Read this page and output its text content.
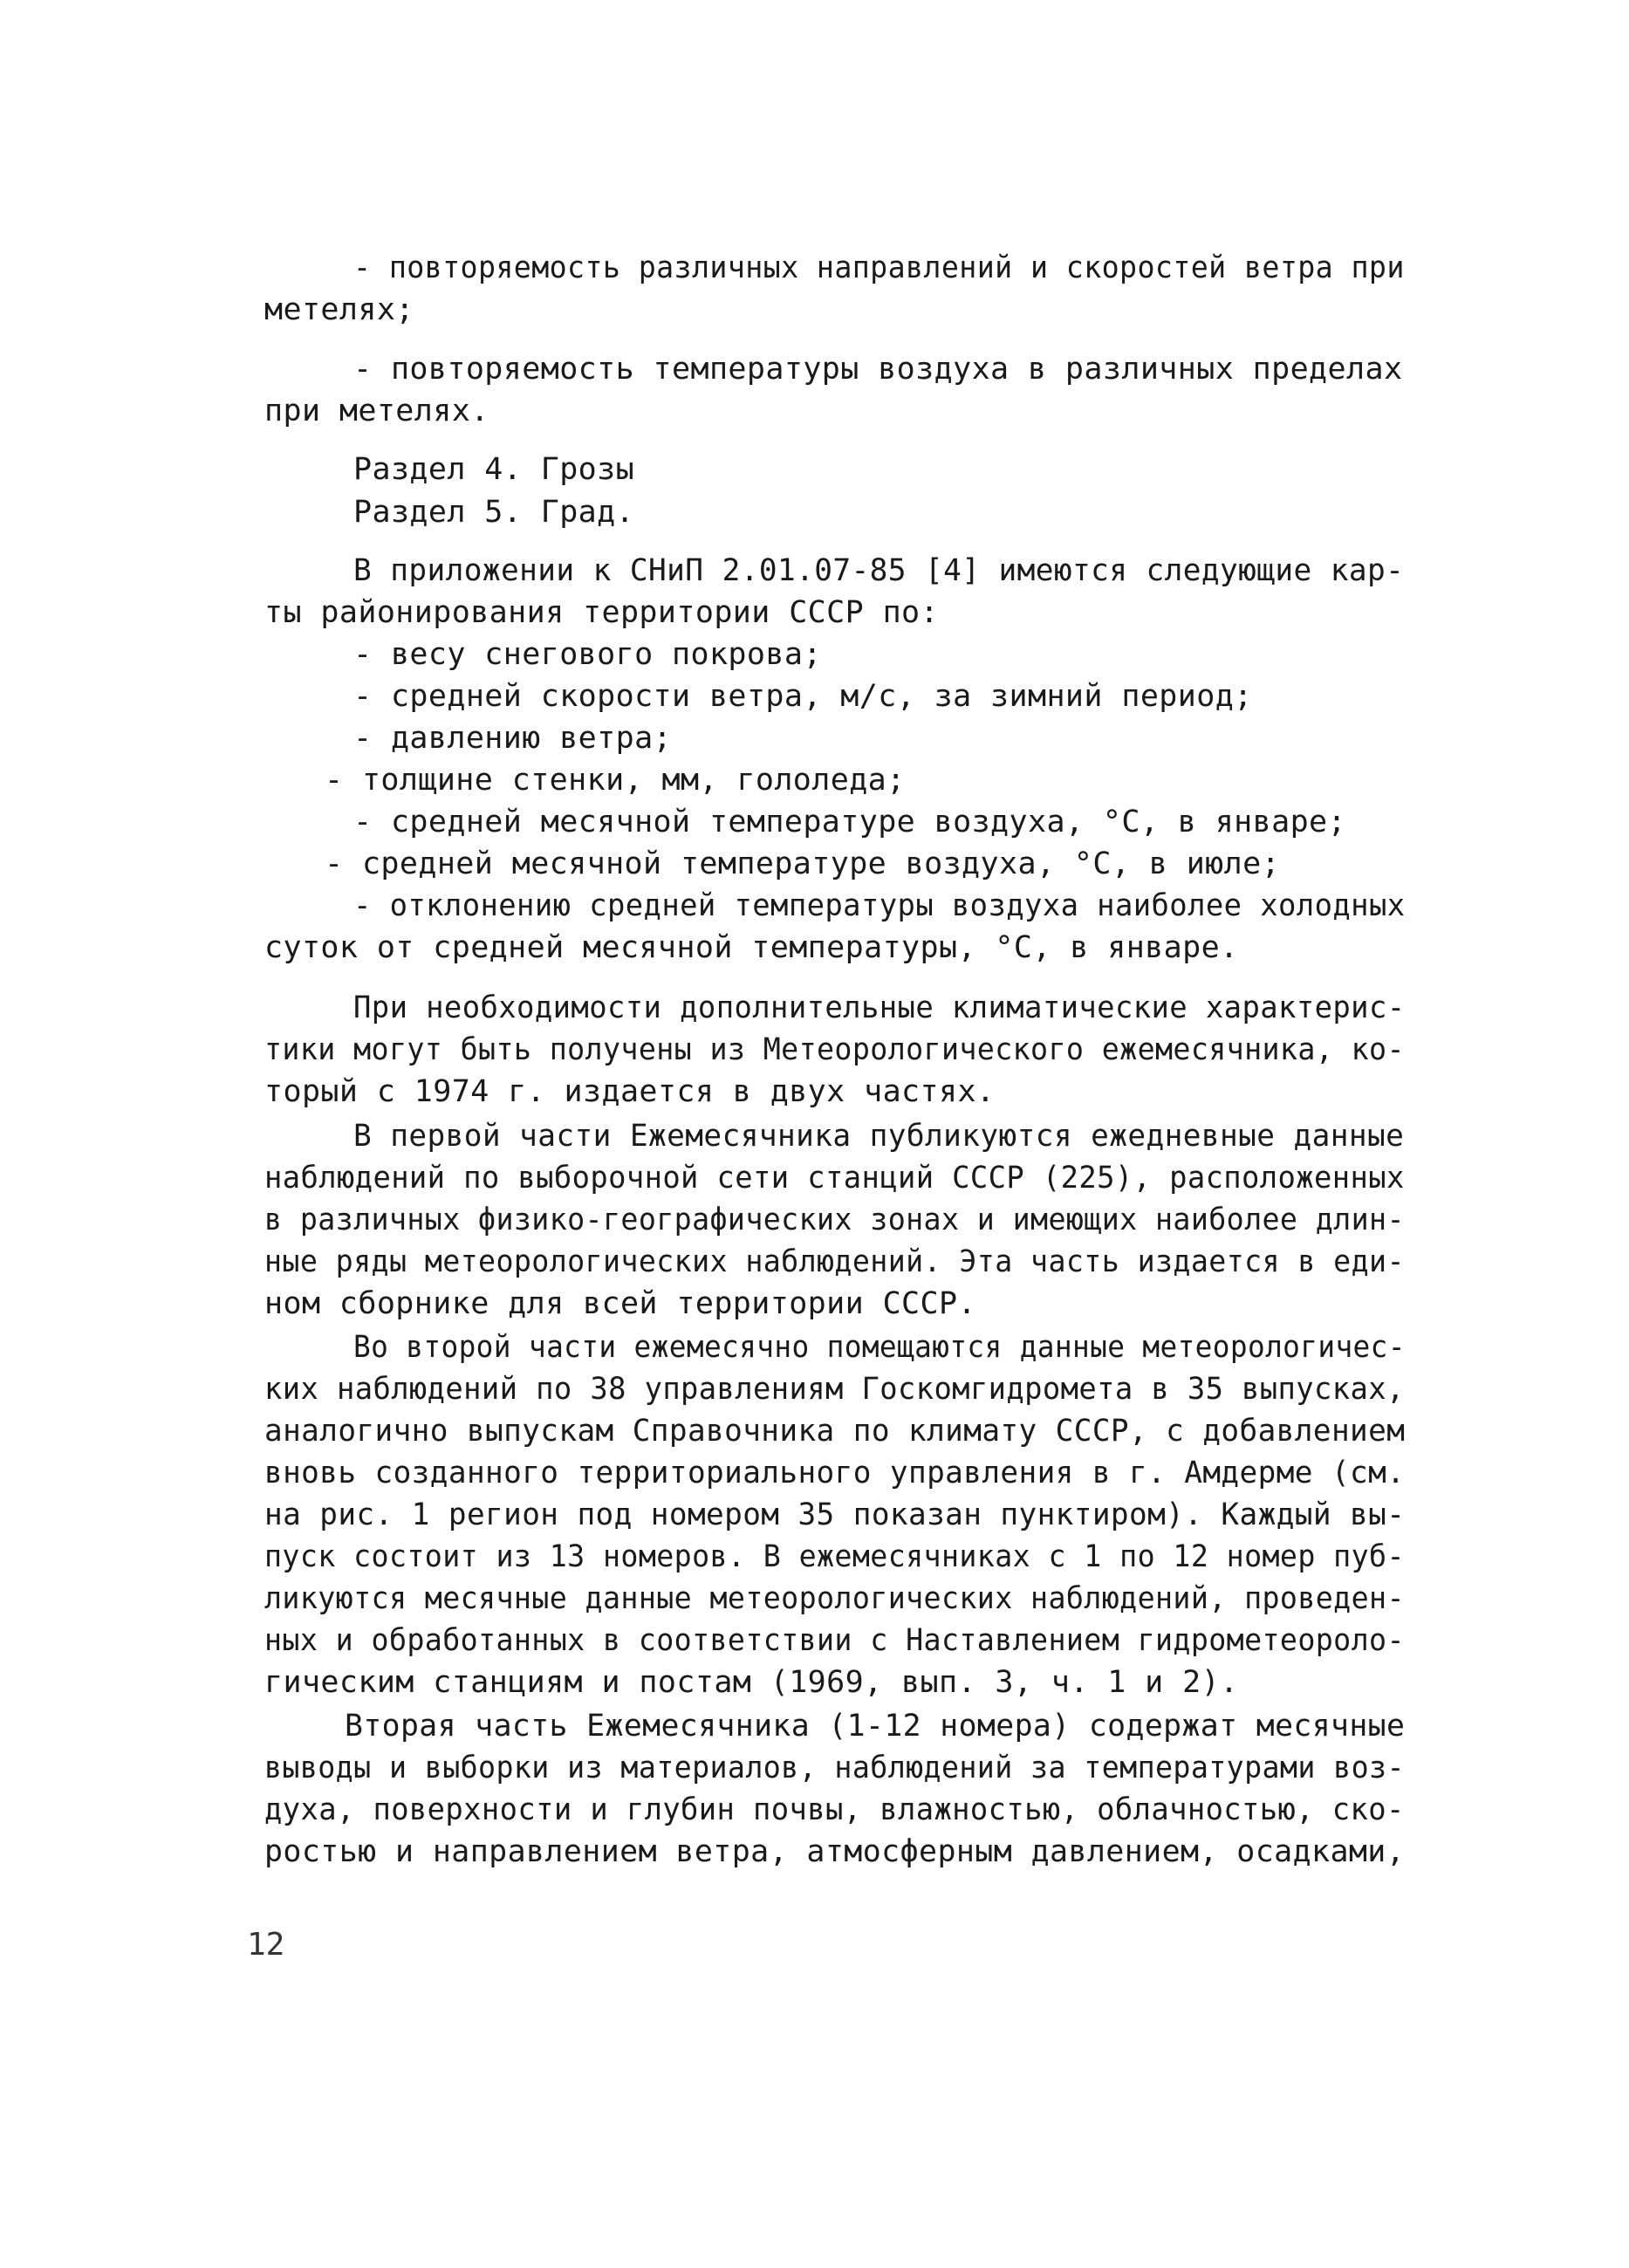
- повторяемость различных направлений и скоростей ветра при
метелях;
- повторяемость температуры воздуха в различных пределах
при метелях.
Раздел 4. Грозы
Раздел 5. Град.
В приложении к СНиП 2.01.07-85 [4] имеются следующие кар-
ты районирования территории СССР по:
- весу снегового покрова;
- средней скорости ветра, м/с, за зимний период;
- давлению ветра;
- толщине стенки, мм, гололеда;
- средней месячной температуре воздуха, °С, в январе;
- средней месячной температуре воздуха, °С, в июле;
- отклонению средней температуры воздуха наиболее холодных
суток от средней месячной температуры, °С, в январе.
При необходимости дополнительные климатические характерис-
тики могут быть получены из Метеорологического ежемесячника, ко-
торый с 1974 г. издается в двух частях.
В первой части Ежемесячника публикуются ежедневные данные
наблюдений по выборочной сети станций СССР (225), расположенных
в различных физико-географических зонах и имеющих наиболее длин-
ные ряды метеорологических наблюдений. Эта часть издается в еди-
ном сборнике для всей территории СССР.
Во второй части ежемесячно помещаются данные метеорологичес-
ких наблюдений по 38 управлениям Госкомгидромета в 35 выпусках,
аналогично выпускам Справочника по климату СССР, с добавлением
вновь созданного территориального управления в г. Амдерме (см.
на рис. 1 регион под номером 35 показан пунктиром). Каждый вы-
пуск состоит из 13 номеров. В ежемесячниках с 1 по 12 номер пуб-
ликуются месячные данные метеорологических наблюдений, проведен-
ных и обработанных в соответствии с Наставлением гидрометеороло-
гическим станциям и постам (1969, вып. 3, ч. 1 и 2).
Вторая часть Ежемесячника (1-12 номера) содержат месячные
выводы и выборки из материалов, наблюдений за температурами воз-
духа, поверхности и глубин почвы, влажностью, облачностью, ско-
ростью и направлением ветра, атмосферным давлением, осадками,
12
